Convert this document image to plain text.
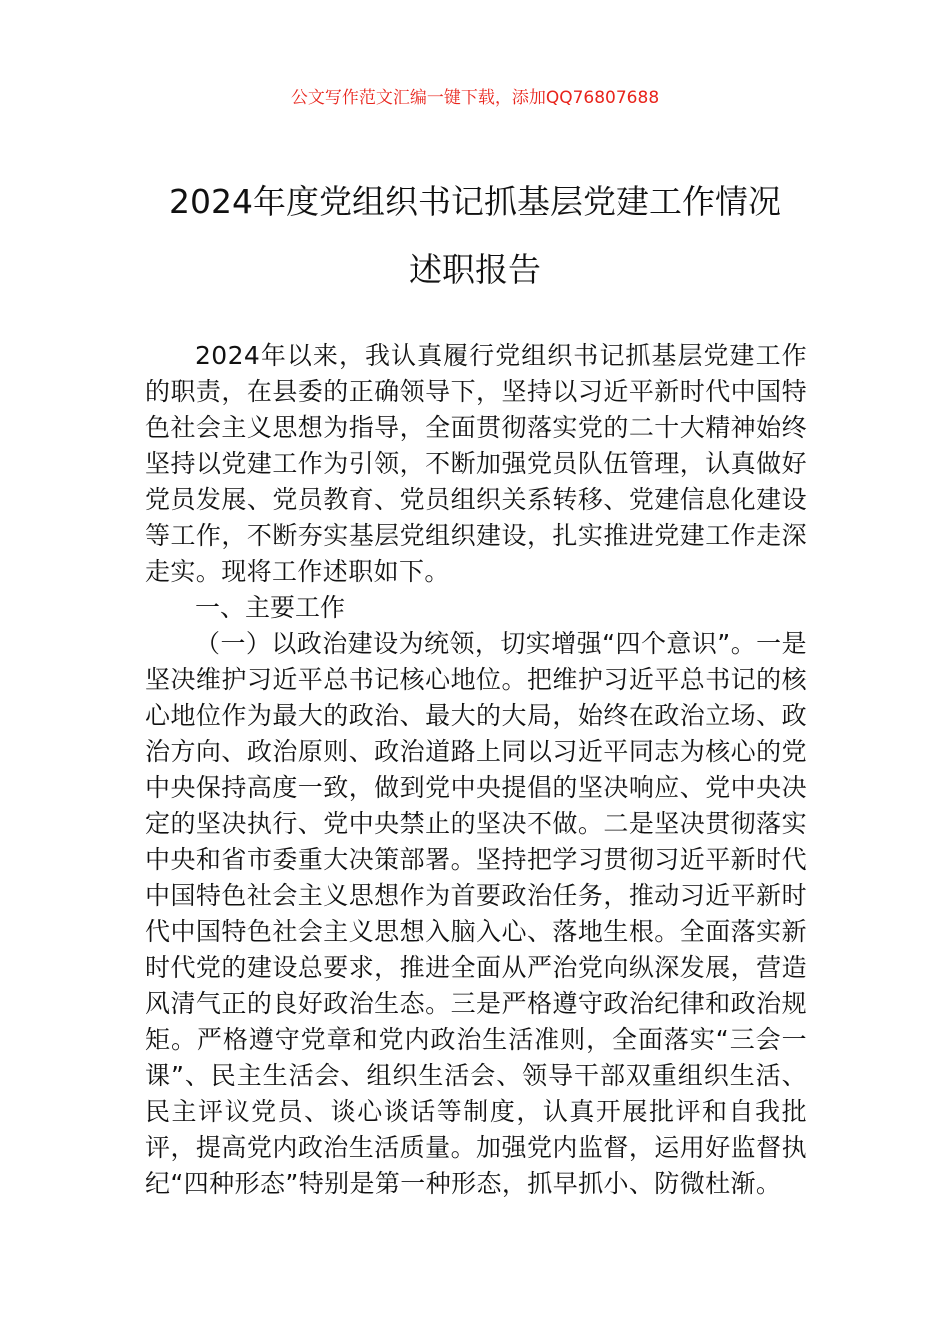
公文写作范文汇编一键下载，添加QQ76807688
2024年度党组织书记抓基层党建工作情况
述职报告

2024年以来，我认真履行党组织书记抓基层党建工作的职责，在县委的正确领导下，坚持以习近平新时代中国特色社会主义思想为指导，全面贯彻落实党的二十大精神始终坚持以党建工作为引领，不断加强党员队伍管理，认真做好党员发展、党员教育、党员组织关系转移、党建信息化建设等工作，不断夯实基层党组织建设，扎实推进党建工作走深走实。现将工作述职如下。

一、主要工作

（一）以政治建设为统领，切实增强“四个意识”。一是坚决维护习近平总书记核心地位。把维护习近平总书记的核心地位作为最大的政治、最大的大局，始终在政治立场、政治方向、政治原则、政治道路上同以习近平同志为核心的党中央保持高度一致，做到党中央提倡的坚决响应、党中央决定的坚决执行、党中央禁止的坚决不做。二是坚决贯彻落实中央和省市委重大决策部署。坚持把学习贯彻习近平新时代中国特色社会主义思想作为首要政治任务，推动习近平新时代中国特色社会主义思想入脑入心、落地生根。全面落实新时代党的建设总要求，推进全面从严治党向纵深发展，营造风清气正的良好政治生态。三是严格遵守政治纪律和政治规矩。严格遵守党章和党内政治生活准则，全面落实“三会一课”、民主生活会、组织生活会、领导干部双重组织生活、民主评议党员、谈心谈话等制度，认真开展批评和自我批评，提高党内政治生活质量。加强党内监督，运用好监督执纪“四种形态”特别是第一种形态，抓早抓小、防微杜渐。
